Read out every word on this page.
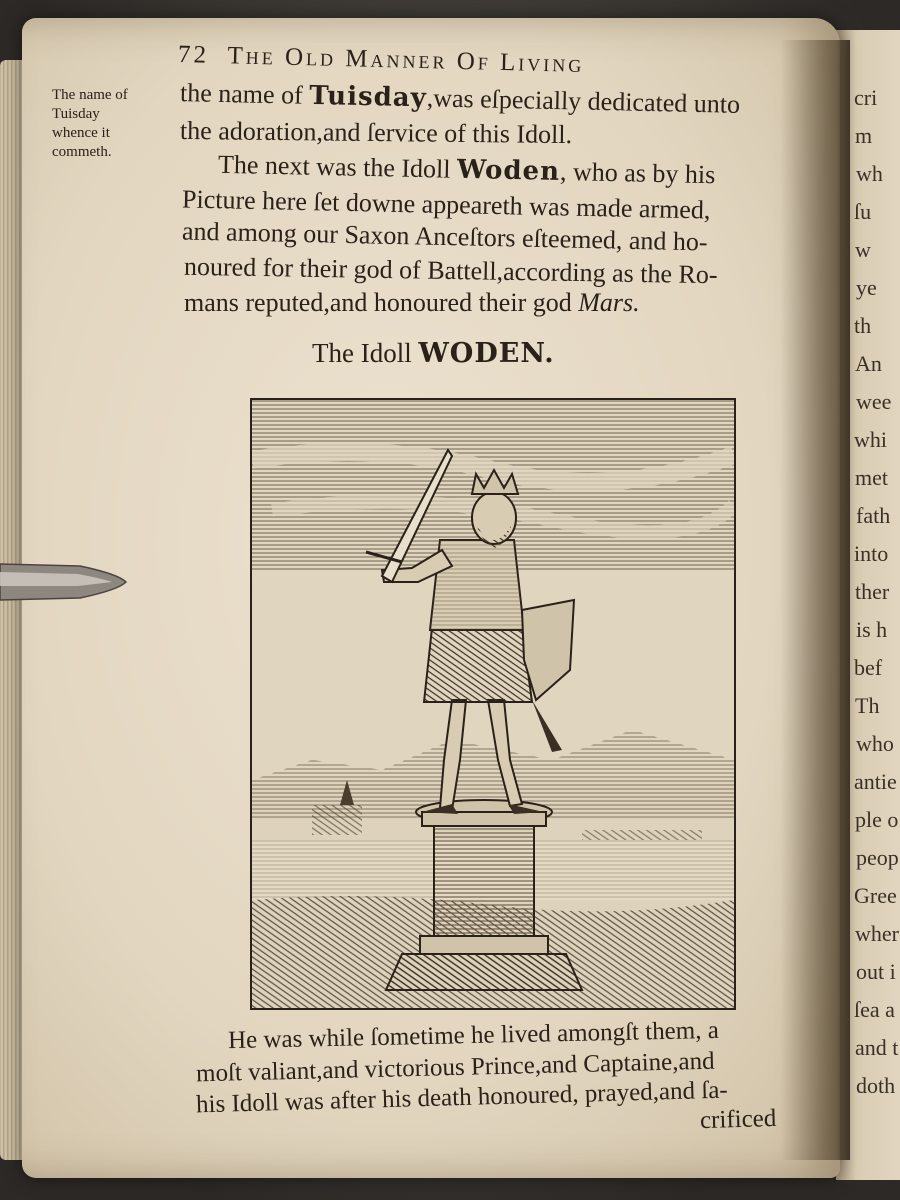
cri
m
wh
ſu
w
ye
th
An
wee
whi
met
fath
into
ther
is h
bef
Th
who
antie
ple o
peop
Gree
wher
out i
ſea a
and t
doth
72 The Old Manner Of Living
The name of
Tuisday
whence it
commeth.
the name of Tuisday,was eſpecially dedicated unto
the adoration,and ſervice of this Idoll.
The next was the Idoll Woden, who as by his
Picture here ſet downe appeareth was made armed,
and among our Saxon Anceſtors eſteemed, and ho-
noured for their god of Battell,according as the Ro-
mans reputed,and honoured their god Mars.
The Idoll WODEN.
He was while ſometime he lived amongſt them, a
moſt valiant,and victorious Prince,and Captaine,and
his Idoll was after his death honoured, prayed,and ſa-
crificed
